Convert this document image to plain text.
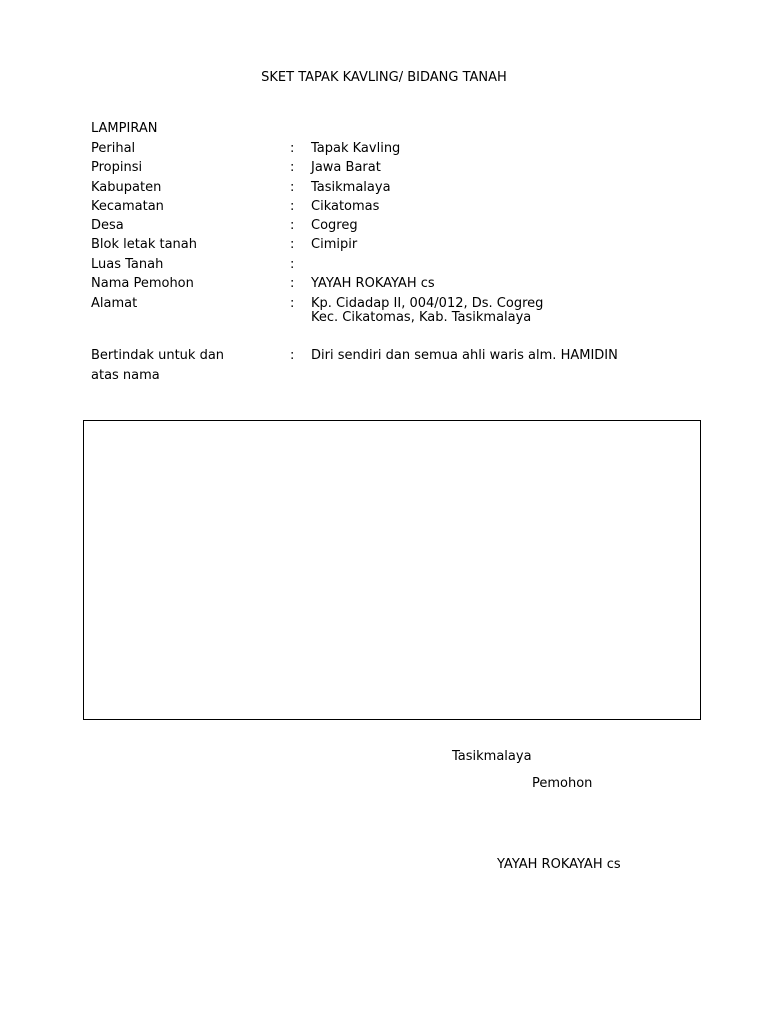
SKET TAPAK KAVLING/ BIDANG TANAH
LAMPIRAN
Perihal	: Tapak Kavling
Propinsi	: Jawa Barat
Kabupaten	: Tasikmalaya
Kecamatan	: Cikatomas
Desa	: Cogreg
Blok letak tanah	: Cimipir
Luas Tanah	:
Nama Pemohon	: YAYAH ROKAYAH cs
Alamat	: Kp. Cidadap II, 004/012, Ds. Cogreg
Kec. Cikatomas, Kab. Tasikmalaya
Bertindak untuk dan	: Diri sendiri dan semua ahli waris alm. HAMIDIN
atas nama
Tasikmalaya
Pemohon
YAYAH ROKAYAH cs
